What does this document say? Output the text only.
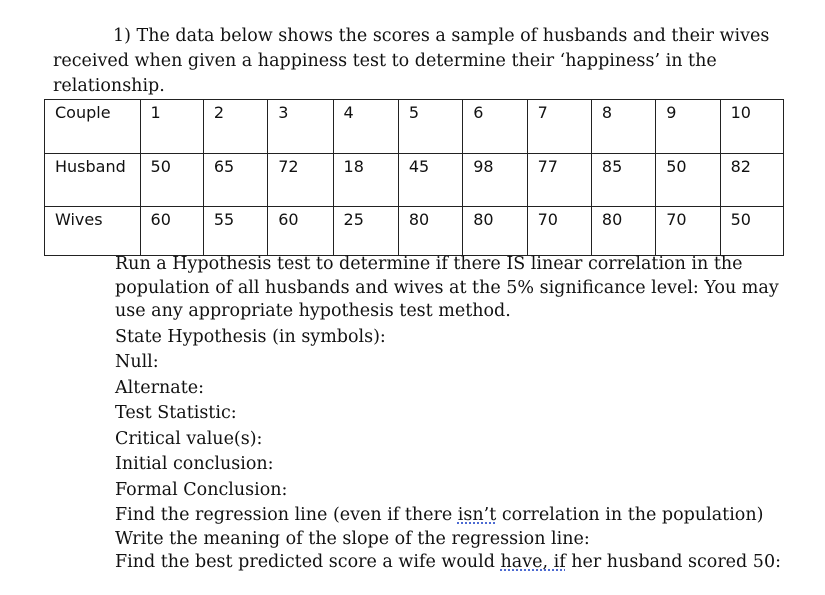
1) The data below shows the scores a sample of husbands and their wives
received when given a happiness test to determine their ‘happiness’ in the
relationship.
Couple	1	2	3	4	5	6	7	8	9	10
Husband	50	65	72	18	45	98	77	85	50	82
Wives	60	55	60	25	80	80	70	80	70	50
Run a Hypothesis test to determine if there IS linear correlation in the
population of all husbands and wives at the 5% significance level: You may
use any appropriate hypothesis test method.
State Hypothesis (in symbols):
Null:
Alternate:
Test Statistic:
Critical value(s):
Initial conclusion:
Formal Conclusion:
Find the regression line (even if there isn’t correlation in the population)
Write the meaning of the slope of the regression line:
Find the best predicted score a wife would have, if her husband scored 50:
